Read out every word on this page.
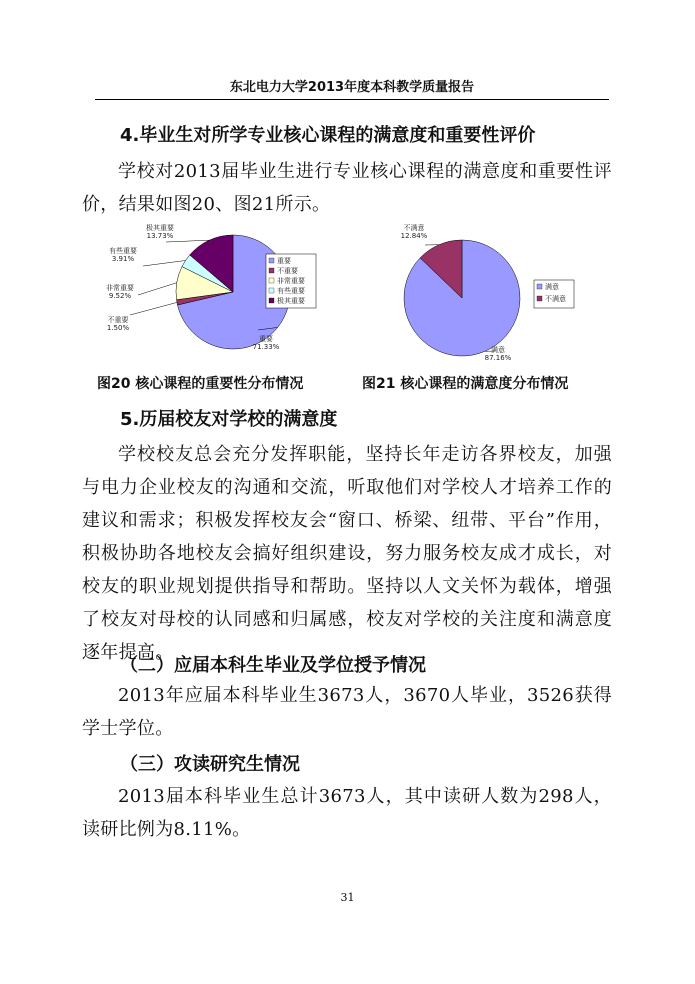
东北电力大学2013年度本科教学质量报告
4.毕业生对所学专业核心课程的满意度和重要性评价
学校对2013届毕业生进行专业核心课程的满意度和重要性评价，结果如图20、图21所示。
重要
71.33%
不重要
1.50%
非常重要
9.52%
有些重要
3.91%
极其重要
13.73%
重要
不重要
非常重要
有些重要
极其重要
满意
87.16%
不满意
12.84%
满意
不满意
图20 核心课程的重要性分布情况	图21 核心课程的满意度分布情况
5.历届校友对学校的满意度
学校校友总会充分发挥职能，坚持长年走访各界校友，加强与电力企业校友的沟通和交流，听取他们对学校人才培养工作的建议和需求；积极发挥校友会“窗口、桥梁、纽带、平台”作用，积极协助各地校友会搞好组织建设，努力服务校友成才成长，对校友的职业规划提供指导和帮助。坚持以人文关怀为载体，增强了校友对母校的认同感和归属感，校友对学校的关注度和满意度逐年提高。
（二）应届本科生毕业及学位授予情况
2013年应届本科毕业生3673人，3670人毕业，3526获得学士学位。
（三）攻读研究生情况
2013届本科毕业生总计3673人，其中读研人数为298人，读研比例为8.11%。
31
